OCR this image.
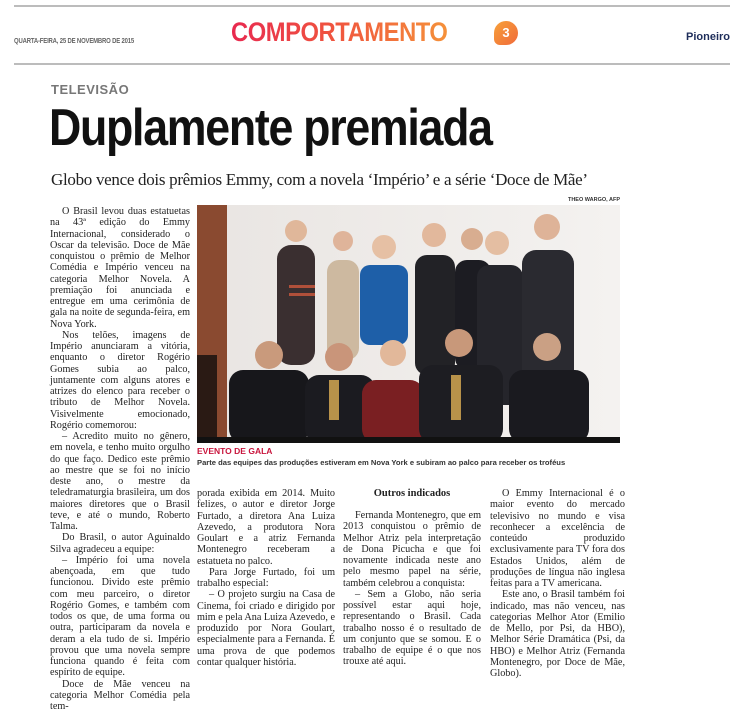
QUARTA-FEIRA, 25 DE NOVEMBRO DE 2015	COMPORTAMENTO	3	Pioneiro
TELEVISÃO
Duplamente premiada
Globo vence dois prêmios Emmy, com a novela ‘Império’ e a série ‘Doce de Mãe’
THEO WARGO, AFP
EVENTO DE GALA
Parte das equipes das produções estiveram em Nova York e subiram ao palco para receber os troféus

O Brasil levou duas estatuetas na 43ª edição do Emmy Internacional, considerado o Oscar da televisão. Doce de Mãe conquistou o prêmio de Melhor Comédia e Império venceu na categoria Melhor Novela. A premiação foi anunciada e entregue em uma cerimônia de gala na noite de segunda-feira, em Nova York.

Nos telões, imagens de Império anunciaram a vitória, enquanto o diretor Rogério Gomes subia ao palco, juntamente com alguns atores e atrizes do elenco para receber o tributo de Melhor Novela. Visivelmente emocionado, Rogério comemorou:

– Acredito muito no gênero, em novela, e tenho muito orgulho do que faço. Dedico este prêmio ao mestre que se foi no início deste ano, o mestre da teledramaturgia brasileira, um dos maiores diretores que o Brasil teve, e até o mundo, Roberto Talma.

Do Brasil, o autor Aguinaldo Silva agradeceu a equipe:

– Império foi uma novela abençoada, em que tudo funcionou. Divido este prêmio com meu parceiro, o diretor Rogério Gomes, e também com todos os que, de uma forma ou outra, participaram da novela e deram a ela tudo de si. Império provou que uma novela sempre funciona quando é feita com espírito de equipe.

Doce de Mãe venceu na categoria Melhor Comédia pela tem-

porada exibida em 2014. Muito felizes, o autor e diretor Jorge Furtado, a diretora Ana Luiza Azevedo, a produtora Nora Goulart e a atriz Fernanda Montenegro receberam a estatueta no palco.

Para Jorge Furtado, foi um trabalho especial:

– O projeto surgiu na Casa de Cinema, foi criado e dirigido por mim e pela Ana Luiza Azevedo, e produzido por Nora Goulart, especialmente para a Fernanda. É uma prova de que podemos contar qualquer história.

Outros indicados

Fernanda Montenegro, que em 2013 conquistou o prêmio de Melhor Atriz pela interpretação de Dona Picucha e que foi novamente indicada neste ano pelo mesmo papel na série, também celebrou a conquista:

– Sem a Globo, não seria possível estar aqui hoje, representando o Brasil. Cada trabalho nosso é o resultado de um conjunto que se somou. E o trabalho de equipe é o que nos trouxe até aqui.

O Emmy Internacional é o maior evento do mercado televisivo no mundo e visa reconhecer a excelência de conteúdo produzido exclusivamente para TV fora dos Estados Unidos, além de produções de língua não inglesa feitas para a TV americana.

Este ano, o Brasil também foi indicado, mas não venceu, nas categorias Melhor Ator (Emilio de Mello, por Psi, da HBO), Melhor Série Dramática (Psi, da HBO) e Melhor Atriz (Fernanda Montenegro, por Doce de Mãe, Globo).
